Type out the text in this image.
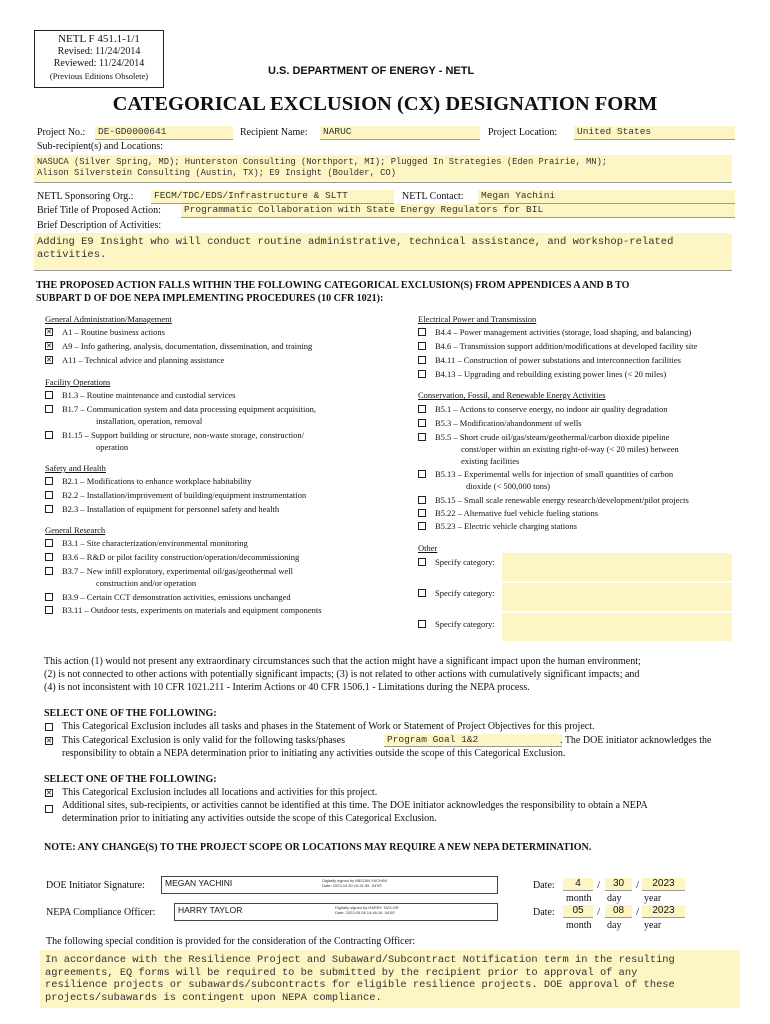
NETL F 451.1-1/1
Revised: 11/24/2014
Reviewed: 11/24/2014
(Previous Editions Obsolete)	U.S. DEPARTMENT OF ENERGY - NETL
CATEGORICAL EXCLUSION (CX) DESIGNATION FORM
Project No.:	DE-GD0000641	Recipient Name:	NARUC	Project Location:	United States
Sub-recipient(s) and Locations:
NASUCA (Silver Spring, MD); Hunterston Consulting (Northport, MI); Plugged In Strategies (Eden Prairie, MN);
Alison Silverstein Consulting (Austin, TX); E9 Insight (Boulder, CO)
NETL Sponsoring Org.:	FECM/TDC/EDS/Infrastructure & SLTT	NETL Contact:	Megan Yachini
Brief Title of Proposed Action:	Programmatic Collaboration with State Energy Regulators for BIL
Brief Description of Activities:
Adding E9 Insight who will conduct routine administrative, technical assistance, and workshop-related
activities.
THE PROPOSED ACTION FALLS WITHIN THE FOLLOWING CATEGORICAL EXCLUSION(S) FROM APPENDICES A AND B TO
SUBPART D OF DOE NEPA IMPLEMENTING PROCEDURES (10 CFR 1021):
General Administration/Management
✕
A1 – Routine business actions
✕
A9 – Info gathering, analysis, documentation, dissemination, and training
✕
A11 – Technical advice and planning assistance
Facility Operations
B1.3 – Routine maintenance and custodial services
B1.7 – Communication system and data processing equipment acquisition,
installation, operation, removal
B1.15 – Support building or structure, non-waste storage, construction/
operation
Safety and Health
B2.1 – Modifications to enhance workplace habitability
B2.2 – Installation/improvement of building/equipment instrumentation
B2.3 – Installation of equipment for personnel safety and health
General Research
B3.1 – Site characterization/environmental monitoring
B3.6 – R&D or pilot facility construction/operation/decommissioning
B3.7 – New infill exploratory, experimental oil/gas/geothermal well
construction and/or operation
B3.9 – Certain CCT demonstration activities, emissions unchanged
B3.11 – Outdoor tests, experiments on materials and equipment components
Electrical Power and Transmission
B4.4 – Power management activities (storage, load shaping, and balancing)
B4.6 – Transmission support addition/modifications at developed facility site
B4.11 – Construction of power substations and interconnection facilities
B4.13 – Upgrading and rebuilding existing power lines (< 20 miles)
Conservation, Fossil, and Renewable Energy Activities
B5.1 – Actions to conserve energy, no indoor air quality degradation
B5.3 – Modification/abandonment of wells
B5.5 – Short crude oil/gas/steam/geothermal/carbon dioxide pipeline
const/oper within an existing right-of-way (< 20 miles) between
existing facilities
B5.13 – Experimental wells for injection of small quantities of carbon
dioxide (< 500,000 tons)
B5.15 – Small scale renewable energy research/development/pilot projects
B5.22 – Alternative fuel vehicle fueling stations
B5.23 – Electric vehicle charging stations
Other
Specify category:
Specify category:
Specify category:
This action (1) would not present any extraordinary circumstances such that the action might have a significant impact upon the human environment;
(2) is not connected to other actions with potentially significant impacts; (3) is not related to other actions with cumulatively significant impacts; and
(4) is not inconsistent with 10 CFR 1021.211 - Interim Actions or 40 CFR 1506.1 - Limitations during the NEPA process.
SELECT ONE OF THE FOLLOWING:
This Categorical Exclusion includes all tasks and phases in the Statement of Work or Statement of Project Objectives for this project.
✕
This Categorical Exclusion is only valid for the following tasks/phases	Program Goal 1&2	. The DOE initiator acknowledges the
responsibility to obtain a NEPA determination prior to initiating any activities outside the scope of this Categorical Exclusion.
SELECT ONE OF THE FOLLOWING:
✕
This Categorical Exclusion includes all locations and activities for this project.
Additional sites, sub-recipients, or activities cannot be identified at this time. The DOE initiator acknowledges the responsibility to obtain a NEPA
determination prior to initiating any activities outside the scope of this Categorical Exclusion.
NOTE: ANY CHANGE(S) TO THE PROJECT SCOPE OR LOCATIONS MAY REQUIRE A NEW NEPA DETERMINATION.
DOE Initiator Signature: MEGAN YACHINI	Digitally signed by MEGAN YACHINI
Date: 2023.04.30 10:31:55 -04'00'
NEPA Compliance Officer:	HARRY TAYLOR	Digitally signed by HARRY TAYLOR
Date: 2023.05.08 14:46:16 -04'00'
Date:	4	/	30	/	2023
month day year
Date:	05	/	08	/	2023
month day year
The following special condition is provided for the consideration of the Contracting Officer:
In accordance with the Resilience Project and Subaward/Subcontract Notification term in the resulting
agreements, EQ forms will be required to be submitted by the recipient prior to approval of any
resilience projects or subawards/subcontracts for eligible resilience projects. DOE approval of these
projects/subawards is contingent upon NEPA compliance.
